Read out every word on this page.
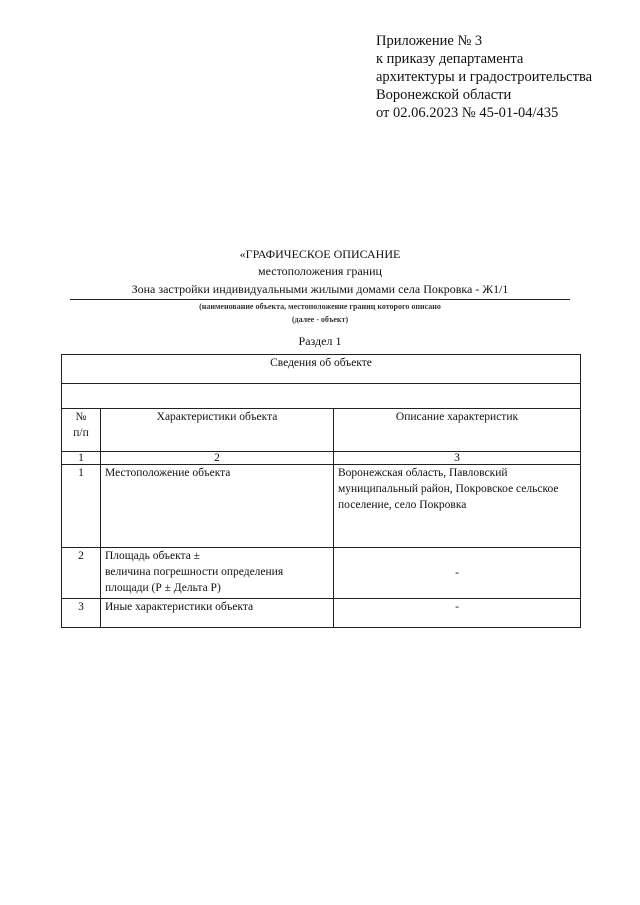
Приложение № 3
к приказу департамента
архитектуры и градостроительства
Воронежской области
от 02.06.2023 № 45-01-04/435
«ГРАФИЧЕСКОЕ ОПИСАНИЕ
местоположения границ
Зона застройки индивидуальными жилыми домами села Покровка - Ж1/1
(наименование объекта, местоположение границ которого описано
(далее - объект)
Раздел 1
Сведения об объекте		

№
п/п	Характеристики объекта	Описание характеристик
1	2	3
1	Местоположение объекта	Воронежская область, Павловский муниципальный район, Покровское сельское поселение, село Покровка
2	Площадь объекта ±
величина погрешности определения площади (Р ± Дельта Р)	-
3	Иные характеристики объекта	-
